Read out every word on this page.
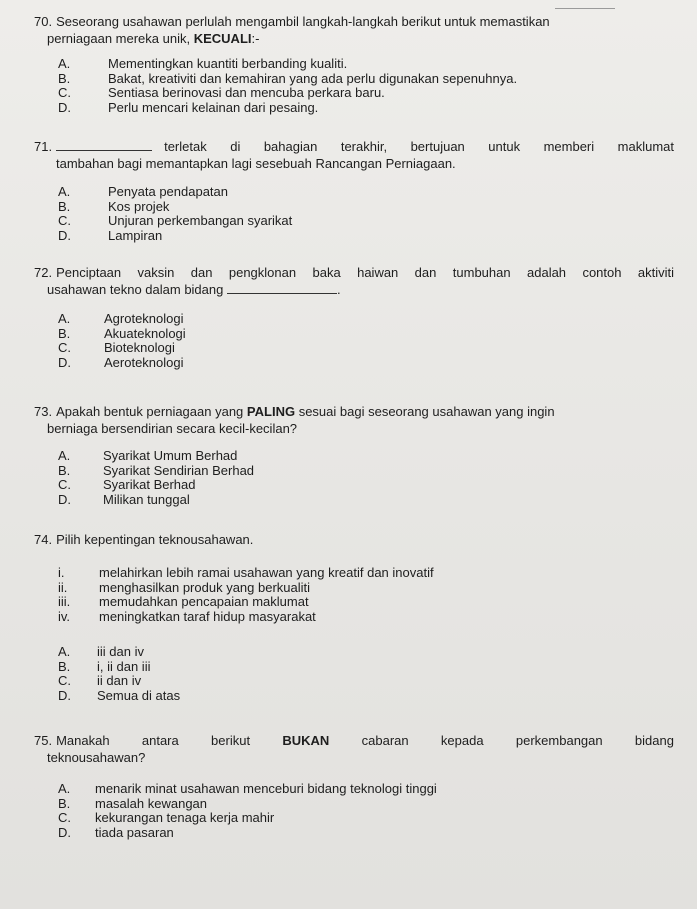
70. Seseorang usahawan perlulah mengambil langkah-langkah berikut untuk memastikan
perniagaan mereka unik, KECUALI:-
A.	Mementingkan kuantiti berbanding kualiti.
B.	Bakat, kreativiti dan kemahiran yang ada perlu digunakan sepenuhnya.
C.	Sentiasa berinovasi dan mencuba perkara baru.
D.	Perlu mencari kelainan dari pesaing.
71.	terletak di bahagian terakhir, bertujuan untuk memberi maklumat
tambahan bagi memantapkan lagi sesebuah Rancangan Perniagaan.
A.	Penyata pendapatan
B.	Kos projek
C.	Unjuran perkembangan syarikat
D.	Lampiran
72. Penciptaan vaksin dan pengklonan baka haiwan dan tumbuhan adalah contoh aktiviti
usahawan tekno dalam bidang	.
A.	Agroteknologi
B.	Akuateknologi
C.	Bioteknologi
D.	Aeroteknologi
73. Apakah bentuk perniagaan yang PALING sesuai bagi seseorang usahawan yang ingin
berniaga bersendirian secara kecil-kecilan?
A.	Syarikat Umum Berhad
B.	Syarikat Sendirian Berhad
C. Syarikat Berhad
D. Milikan tunggal
74. Pilih kepentingan teknousahawan.
i.	melahirkan lebih ramai usahawan yang kreatif dan inovatif
ii. menghasilkan produk yang berkualiti
iii. memudahkan pencapaian maklumat
iv. meningkatkan taraf hidup masyarakat
A. iii dan iv
B. i, ii dan iii
C. ii dan iv
D. Semua di atas
75. Manakah antara berikut BUKAN cabaran kepada perkembangan bidang
teknousahawan?
A. menarik minat usahawan menceburi bidang teknologi tinggi
B. masalah kewangan
C. kekurangan tenaga kerja mahir
D. tiada pasaran
